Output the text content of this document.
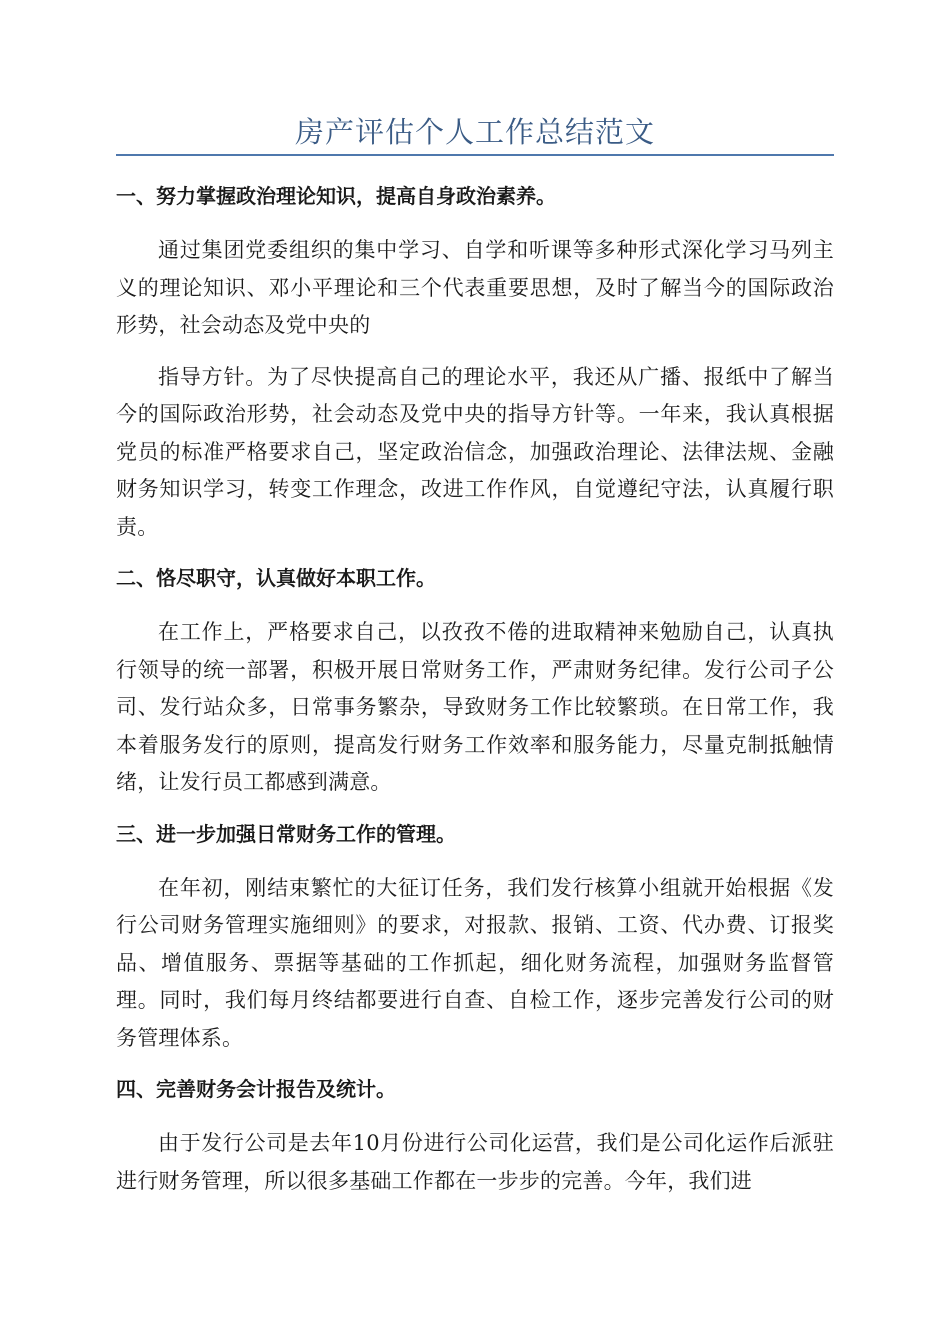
房产评估个人工作总结范文

一、努力掌握政治理论知识，提高自身政治素养。

通过集团党委组织的集中学习、自学和听课等多种形式深化学习马列主义的理论知识、邓小平理论和三个代表重要思想，及时了解当今的国际政治形势，社会动态及党中央的

指导方针。为了尽快提高自己的理论水平，我还从广播、报纸中了解当今的国际政治形势，社会动态及党中央的指导方针等。一年来，我认真根据党员的标准严格要求自己，坚定政治信念，加强政治理论、法律法规、金融财务知识学习，转变工作理念，改进工作作风，自觉遵纪守法，认真履行职责。

二、恪尽职守，认真做好本职工作。

在工作上，严格要求自己，以孜孜不倦的进取精神来勉励自己，认真执行领导的统一部署，积极开展日常财务工作，严肃财务纪律。发行公司子公司、发行站众多，日常事务繁杂，导致财务工作比较繁琐。在日常工作，我本着服务发行的原则，提高发行财务工作效率和服务能力，尽量克制抵触情绪，让发行员工都感到满意。

三、进一步加强日常财务工作的管理。

在年初，刚结束繁忙的大征订任务，我们发行核算小组就开始根据《发行公司财务管理实施细则》的要求，对报款、报销、工资、代办费、订报奖品、增值服务、票据等基础的工作抓起，细化财务流程，加强财务监督管理。同时，我们每月终结都要进行自查、自检工作，逐步完善发行公司的财务管理体系。

四、完善财务会计报告及统计。

由于发行公司是去年10月份进行公司化运营，我们是公司化运作后派驻进行财务管理，所以很多基础工作都在一步步的完善。今年，我们进
